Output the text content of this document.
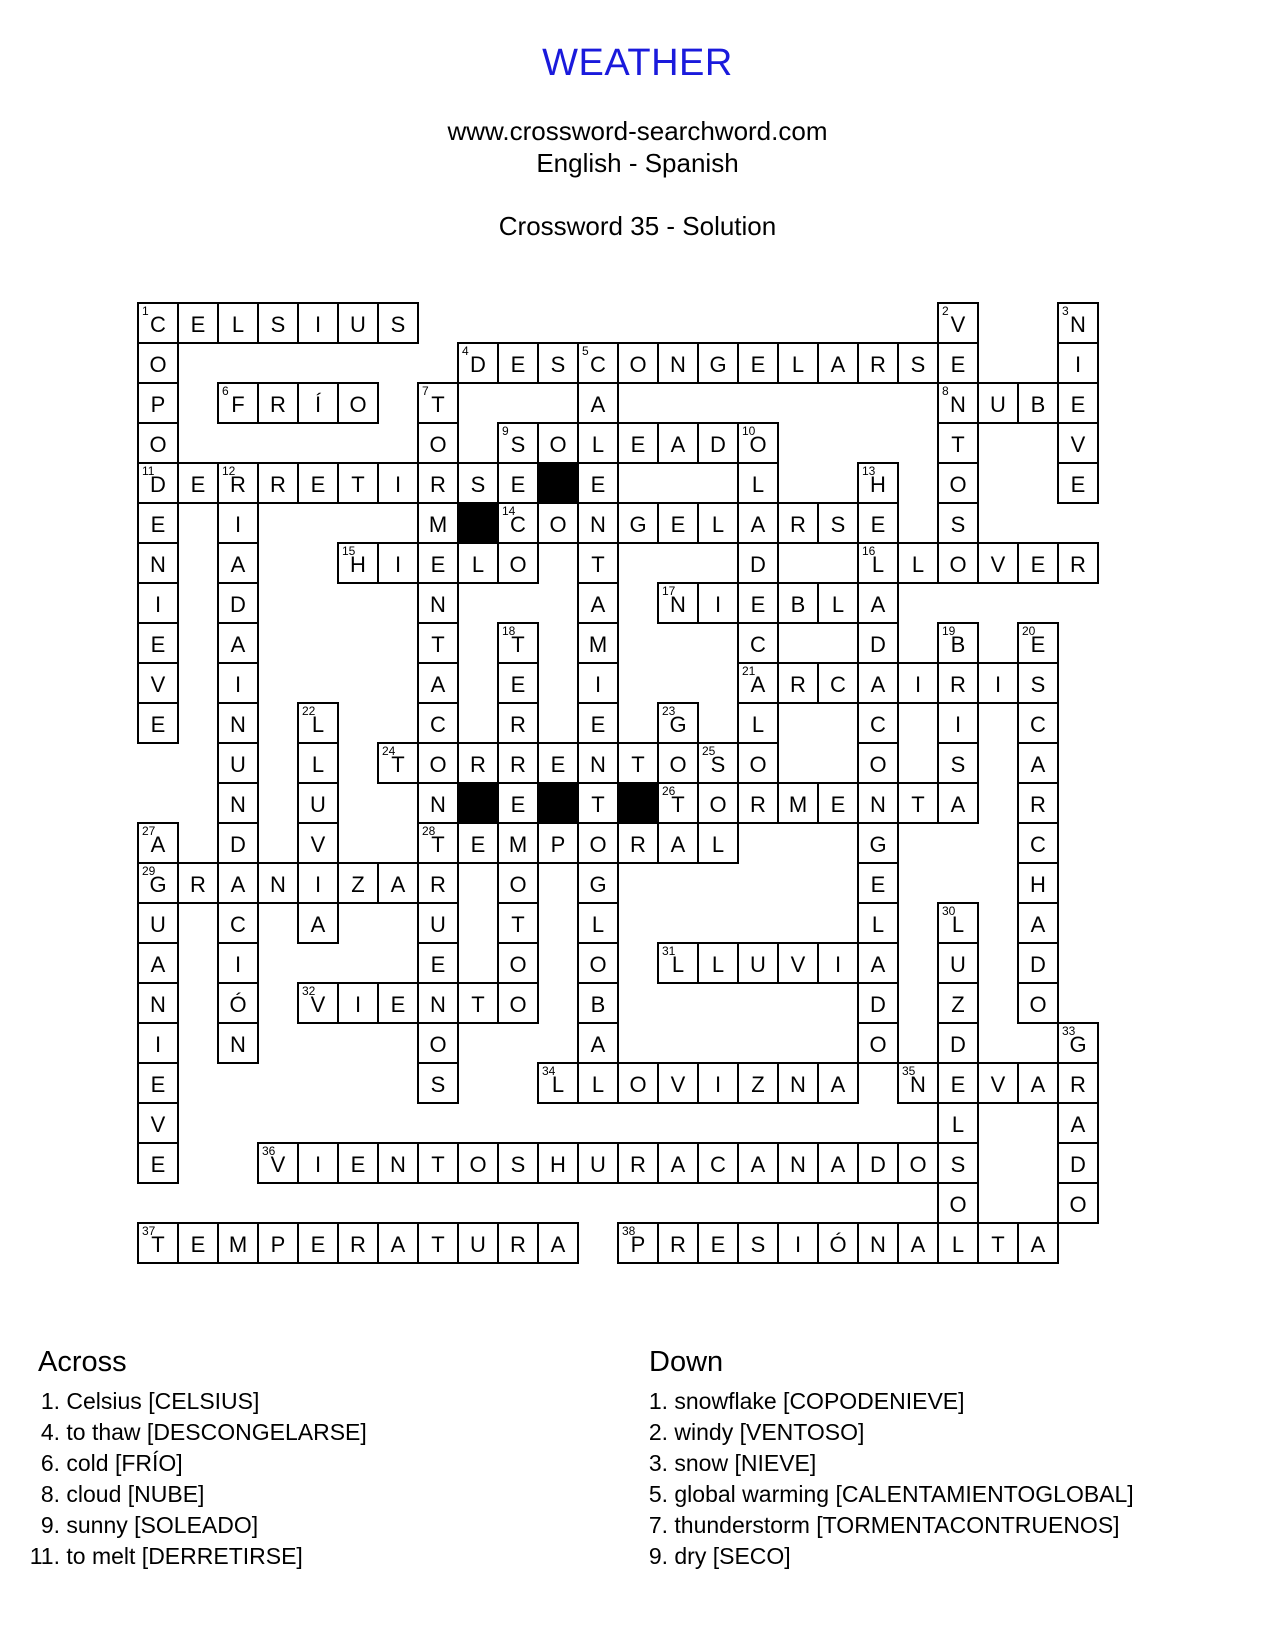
WEATHER
www.crossword-searchword.com
English - Spanish
Crossword 35 - Solution
1
C	E	L	S	I	U	S
4
D	E	S
5
C	O	N	G	E	L	A	R	S	E
6
F	R	Í	O
8
N	U	B	E
9
S	O	L	E	A	D
10
O
11
D	E
12
R	R	E	T	I	R	S	E
14
C	O	N	G	E	L	A	R	S	E
15
H	I	E	L	O
16
L	L	O	V	E	R
17
N	I	E	B	L	A
21
A	R	C	A	I	R	I	S
24
T	O	R	R	E	N	T	O
25
S	O
26
T	O	R	M	E	N	T	A
28
T	E	M	P	O	R	A	L
29
G	R	A	N	I	Z	A	R
31
L	L	U	V	I	A
32
V	I	E	N	T	O
34
L	L	O	V	I	Z	N	A
35
N	E	V	A	R
36
V	I	E	N	T	O	S	H	U	R	A	C	A	N	A	D	O	S
37
T	E	M	P	E	R	A	T	U	R	A
38
P	R	E	S	I	Ó	N	A	L	T	A
O
P
O
E
N
I
E
V
E
2
V
T
O
S
3
N
I
V
E
A
E
T
A
M
I
E
T
G
L
O
B
A
7
T
O
M
N
T
A
C
N
U
E
O
S
L
D
C
L
I
A
D
A
I
N
U
N
D
C
I
Ó
N
13
H
D
C
O
G
E
L
D
O
18
T
E
R
E
O
T
O
19
B
I
S
20
E
C
A
R
C
H
A
D
O
22
L
L
U
V
A
23
G
27
A
U
A
N
I
E
V
E
30
L
U
Z
D
L
O
33
G
A
D
O
Across
1. Celsius [CELSIUS]
4. to thaw [DESCONGELARSE]
6. cold [FRÍO]
8. cloud [NUBE]
9. sunny [SOLEADO]
11. to melt [DERRETIRSE]
Down
1. snowflake [COPODENIEVE]
2. windy [VENTOSO]
3. snow [NIEVE]
5. global warming [CALENTAMIENTOGLOBAL]
7. thunderstorm [TORMENTACONTRUENOS]
9. dry [SECO]
